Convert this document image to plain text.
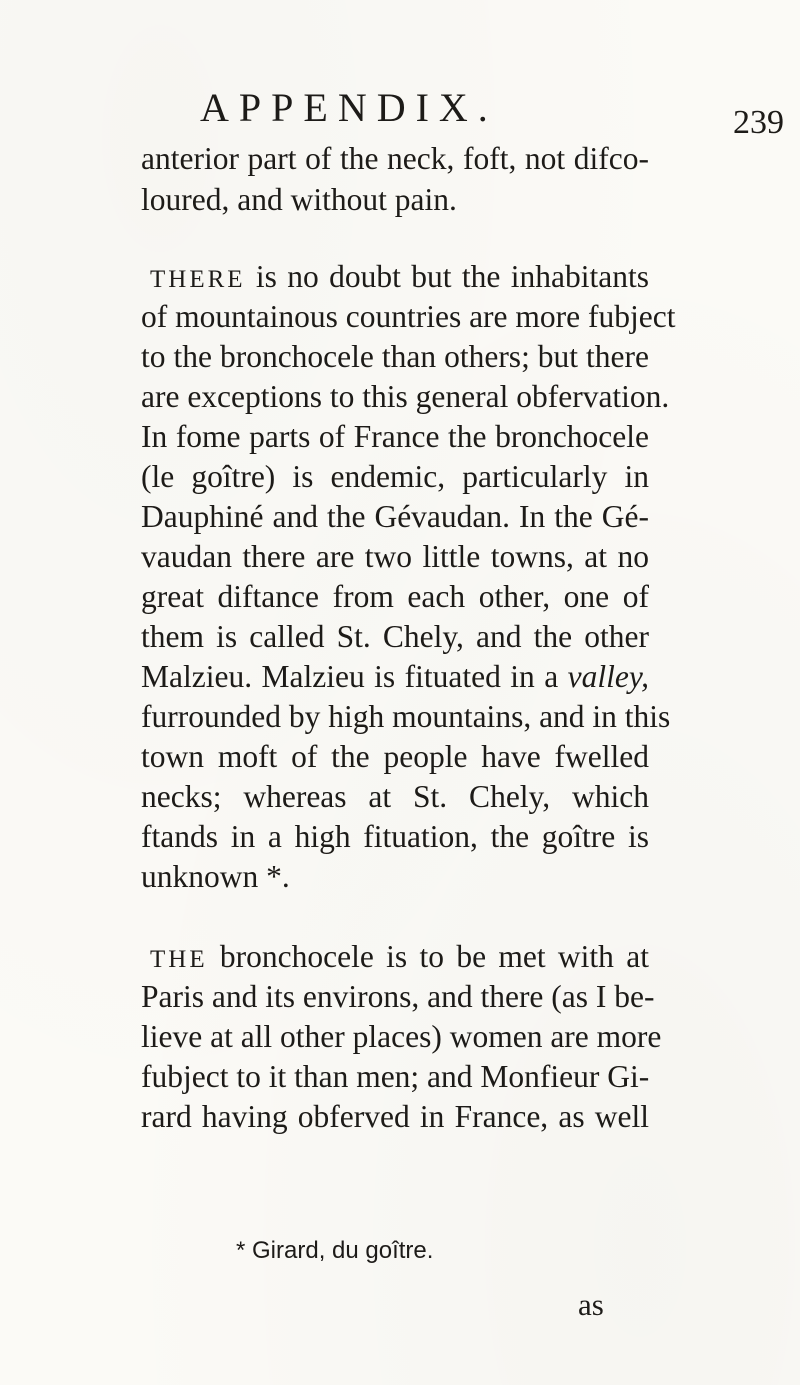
APPENDIX.	239
anterior part of the neck, foft, not difco-
loured, and without pain.
THERE is no doubt but the inhabitants
of mountainous countries are more fubject
to the bronchocele than others; but there
are exceptions to this general obfervation.
In fome parts of France the bronchocele
(le goître) is endemic, particularly in
Dauphiné and the Gévaudan. In the Gé-
vaudan there are two little towns, at no
great diftance from each other, one of
them is called St. Chely, and the other
Malzieu. Malzieu is fituated in a valley,
furrounded by high mountains, and in this
town moft of the people have fwelled
necks; whereas at St. Chely, which
ftands in a high fituation, the goître is
unknown *.
THE bronchocele is to be met with at
Paris and its environs, and there (as I be-
lieve at all other places) women are more
fubject to it than men; and Monfieur Gi-
rard having obferved in France, as well
* Girard, du goître.
as
